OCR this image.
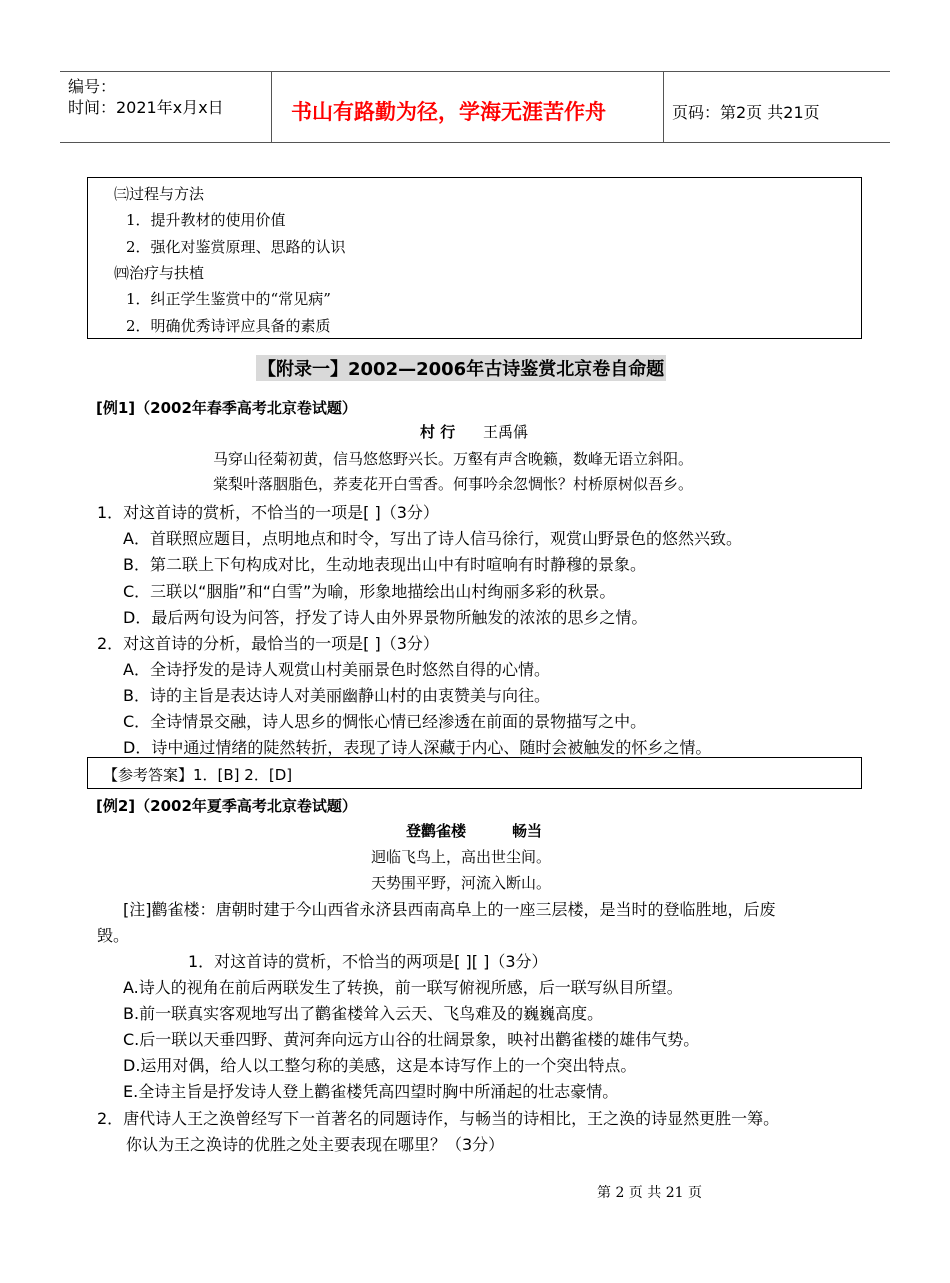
编号：
时间：2021年x月x日	书山有路勤为径，学海无涯苦作舟	页码：第2页 共21页
㈢过程与方法
1．提升教材的使用价值
2．强化对鉴赏原理、思路的认识
㈣治疗与扶植
1．纠正学生鉴赏中的“常见病”
2．明确优秀诗评应具备的素质
【附录一】2002—2006年古诗鉴赏北京卷自命题
[例1]（2002年春季高考北京卷试题）
村 行 王禹偁
马穿山径菊初黄，信马悠悠野兴长。万壑有声含晚籁，数峰无语立斜阳。
棠梨叶落胭脂色，荞麦花开白雪香。何事吟余忽惆怅？村桥原树似吾乡。
1．对这首诗的赏析，不恰当的一项是[ ]（3分）
A．首联照应题目，点明地点和时令，写出了诗人信马徐行，观赏山野景色的悠然兴致。
B．第二联上下句构成对比，生动地表现出山中有时喧响有时静穆的景象。
C．三联以“胭脂”和“白雪”为喻，形象地描绘出山村绚丽多彩的秋景。
D．最后两句设为问答，抒发了诗人由外界景物所触发的浓浓的思乡之情。
2．对这首诗的分析，最恰当的一项是[ ]（3分）
A．全诗抒发的是诗人观赏山村美丽景色时悠然自得的心情。
B．诗的主旨是表达诗人对美丽幽静山村的由衷赞美与向往。
C．全诗情景交融，诗人思乡的惆怅心情已经渗透在前面的景物描写之中。
D．诗中通过情绪的陡然转折，表现了诗人深藏于内心、随时会被触发的怀乡之情。
【参考答案】1．[B] 2．[D]
[例2]（2002年夏季高考北京卷试题）
登鹳雀楼	畅当
迥临飞鸟上，高出世尘间。
天势围平野，河流入断山。
[注]鹳雀楼：唐朝时建于今山西省永济县西南高阜上的一座三层楼，是当时的登临胜地，后废
毁。
1．对这首诗的赏析，不恰当的两项是[ ][ ]（3分）
A.诗人的视角在前后两联发生了转换，前一联写俯视所感，后一联写纵目所望。
B.前一联真实客观地写出了鹳雀楼耸入云天、飞鸟难及的巍巍高度。
C.后一联以天垂四野、黄河奔向远方山谷的壮阔景象，映衬出鹳雀楼的雄伟气势。
D.运用对偶，给人以工整匀称的美感，这是本诗写作上的一个突出特点。
E.全诗主旨是抒发诗人登上鹳雀楼凭高四望时胸中所涌起的壮志豪情。
2．唐代诗人王之涣曾经写下一首著名的同题诗作，与畅当的诗相比，王之涣的诗显然更胜一筹。
你认为王之涣诗的优胜之处主要表现在哪里？（3分）
第 2 页 共 21 页
